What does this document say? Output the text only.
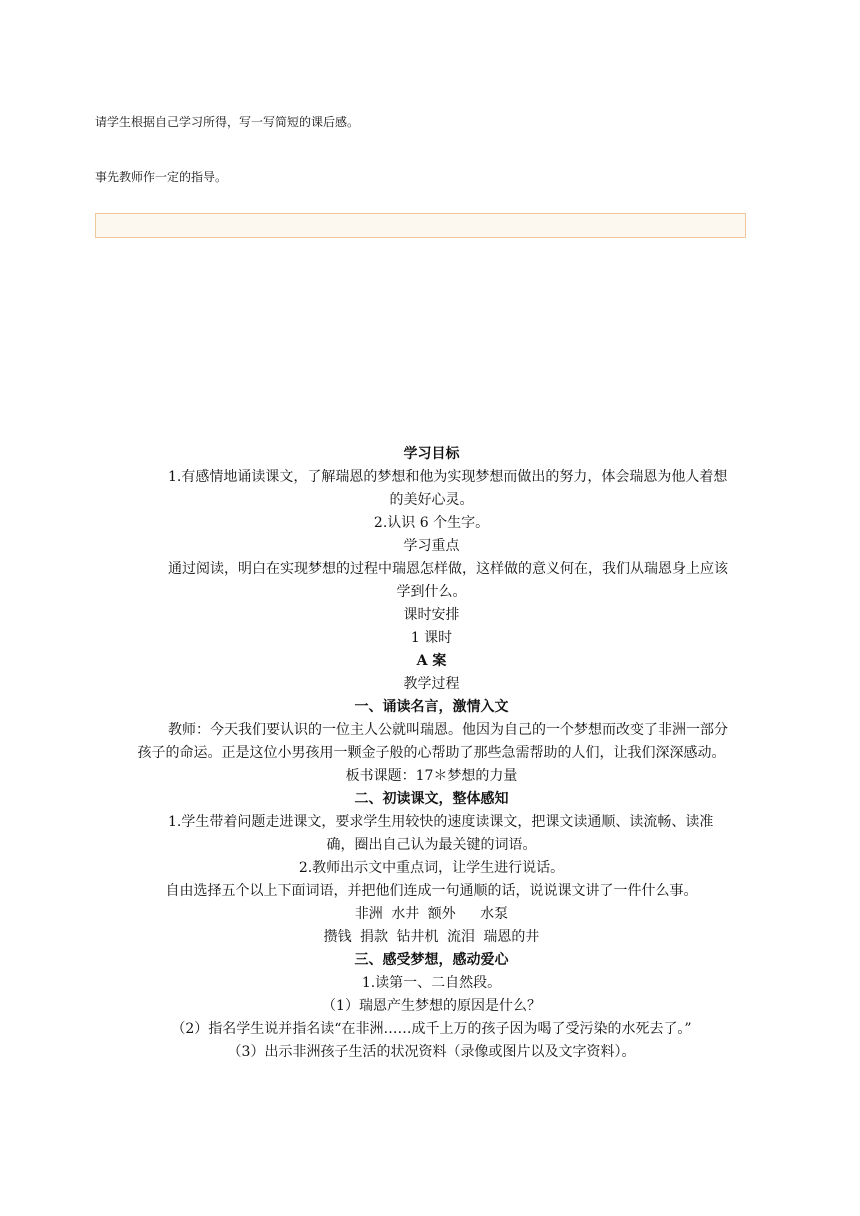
请学生根据自己学习所得，写一写简短的课后感。
事先教师作一定的指导。
学习目标
1.有感情地诵读课文，了解瑞恩的梦想和他为实现梦想而做出的努力，体会瑞恩为他人着想的美好心灵。
2.认识 6 个生字。
学习重点
通过阅读，明白在实现梦想的过程中瑞恩怎样做，这样做的意义何在，我们从瑞恩身上应该学到什么。
课时安排
1 课时
A 案
教学过程
一、诵读名言，激情入文
教师：今天我们要认识的一位主人公就叫瑞恩。他因为自己的一个梦想而改变了非洲一部分孩子的命运。正是这位小男孩用一颗金子般的心帮助了那些急需帮助的人们，让我们深深感动。
板书课题：17＊梦想的力量
二、初读课文，整体感知
1.学生带着问题走进课文，要求学生用较快的速度读课文，把课文读通顺、读流畅、读准确，圈出自己认为最关键的词语。
2.教师出示文中重点词，让学生进行说话。
自由选择五个以上下面词语，并把他们连成一句通顺的话，说说课文讲了一件什么事。
非洲 水井 额外 水泵
攒钱 捐款 钻井机 流泪 瑞恩的井
三、感受梦想，感动爱心
1.读第一、二自然段。
（1）瑞恩产生梦想的原因是什么？
（2）指名学生说并指名读“在非洲……成千上万的孩子因为喝了受污染的水死去了。”
（3）出示非洲孩子生活的状况资料（录像或图片以及文字资料）。
